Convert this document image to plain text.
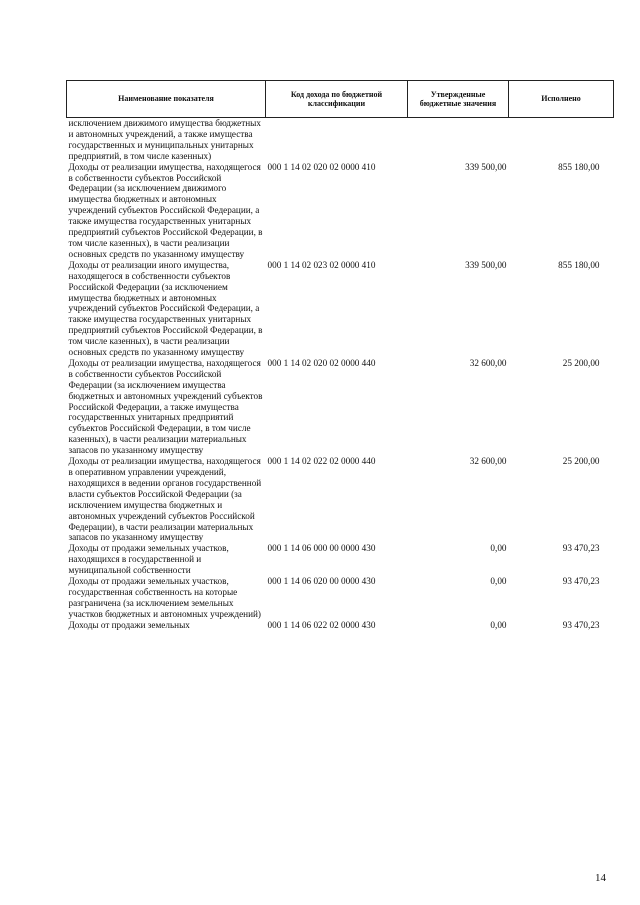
Наименование показателя	Код дохода по бюджетной классификации	Утвержденные бюджетные значения	Исполнено
исключением движимого имущества бюджетных и автономных учреждений, а также имущества государственных и муниципальных унитарных предприятий, в том числе казенных)			
Доходы от реализации имущества, находящегося в собственности субъектов Российской Федерации (за исключением движимого имущества бюджетных и автономных учреждений субъектов Российской Федерации, а также имущества государственных унитарных предприятий субъектов Российской Федерации, в том числе казенных), в части реализации основных средств по указанному имуществу	000 1 14 02 020 02 0000 410	339 500,00	855 180,00
Доходы от реализации иного имущества, находящегося в собственности субъектов Российской Федерации (за исключением имущества бюджетных и автономных учреждений субъектов Российской Федерации, а также имущества государственных унитарных предприятий субъектов Российской Федерации, в том числе казенных), в части реализации основных средств по указанному имуществу	000 1 14 02 023 02 0000 410	339 500,00	855 180,00
Доходы от реализации имущества, находящегося в собственности субъектов Российской Федерации (за исключением имущества бюджетных и автономных учреждений субъектов Российской Федерации, а также имущества государственных унитарных предприятий субъектов Российской Федерации, в том числе казенных), в части реализации материальных запасов по указанному имуществу	000 1 14 02 020 02 0000 440	32 600,00	25 200,00
Доходы от реализации имущества, находящегося в оперативном управлении учреждений, находящихся в ведении органов государственной власти субъектов Российской Федерации (за исключением имущества бюджетных и автономных учреждений субъектов Российской Федерации), в части реализации материальных запасов по указанному имуществу	000 1 14 02 022 02 0000 440	32 600,00	25 200,00
Доходы от продажи земельных участков, находящихся в государственной и муниципальной собственности	000 1 14 06 000 00 0000 430	0,00	93 470,23
Доходы от продажи земельных участков, государственная собственность на которые разграничена (за исключением земельных участков бюджетных и автономных учреждений)	000 1 14 06 020 00 0000 430	0,00	93 470,23
Доходы от продажи земельных	000 1 14 06 022 02 0000 430	0,00	93 470,23
14
